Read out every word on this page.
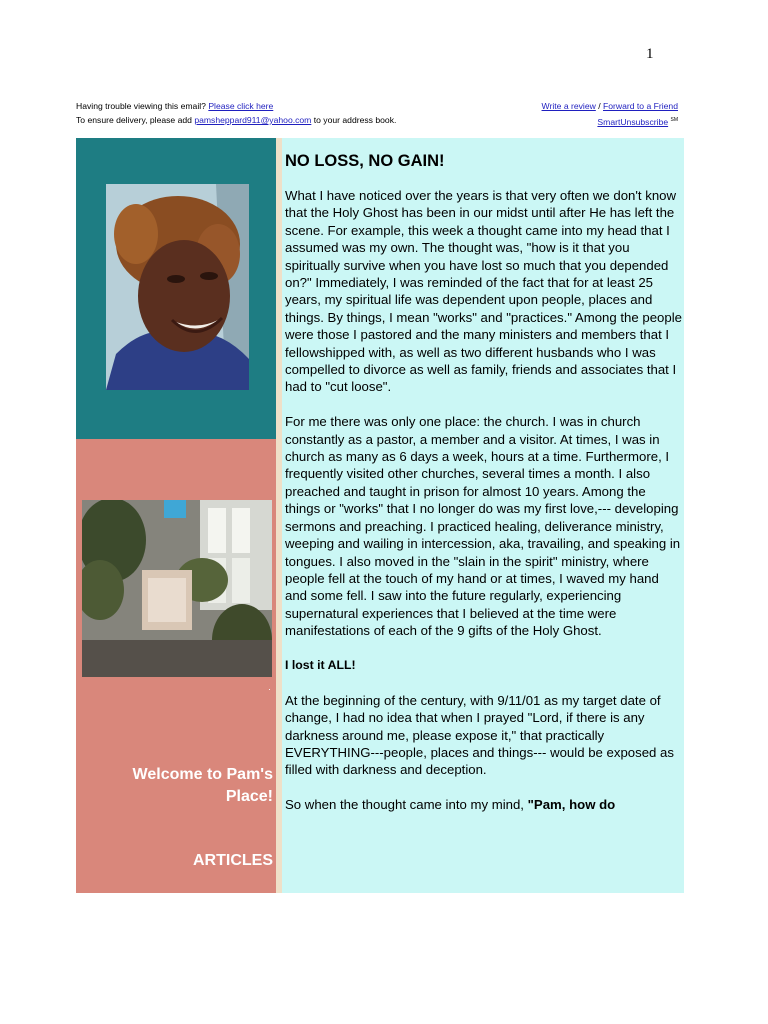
1
Having trouble viewing this email? Please click here
To ensure delivery, please add pamsheppard911@yahoo.com to your address book.
Write a review / Forward to a Friend
SmartUnsubscribe ℠
·
Welcome to Pam's
Place!
ARTICLES
NO LOSS, NO GAIN!

What I have noticed over the years is that very often we don't know that the Holy Ghost has been in our midst until after He has left the scene. For example, this week a thought came into my head that I assumed was my own. The thought was, "how is it that you spiritually survive when you have lost so much that you depended on?" Immediately, I was reminded of the fact that for at least 25 years, my spiritual life was dependent upon people, places and things. By things, I mean "works" and "practices." Among the people were those I pastored and the many ministers and members that I fellowshipped with, as well as two different husbands who I was compelled to divorce as well as family, friends and associates that I had to "cut loose".

For me there was only one place: the church. I was in church constantly as a pastor, a member and a visitor. At times, I was in church as many as 6 days a week, hours at a time. Furthermore, I frequently visited other churches, several times a month. I also preached and taught in prison for almost 10 years. Among the things or "works" that I no longer do was my first love,--- developing sermons and preaching. I practiced healing, deliverance ministry, weeping and wailing in intercession, aka, travailing, and speaking in tongues. I also moved in the "slain in the spirit" ministry, where people fell at the touch of my hand or at times, I waved my hand and some fell. I saw into the future regularly, experiencing supernatural experiences that I believed at the time were manifestations of each of the 9 gifts of the Holy Ghost.

I lost it ALL!

At the beginning of the century, with 9/11/01 as my target date of change, I had no idea that when I prayed "Lord, if there is any darkness around me, please expose it," that practically EVERYTHING---people, places and things--- would be exposed as filled with darkness and deception.

So when the thought came into my mind, "Pam, how do
